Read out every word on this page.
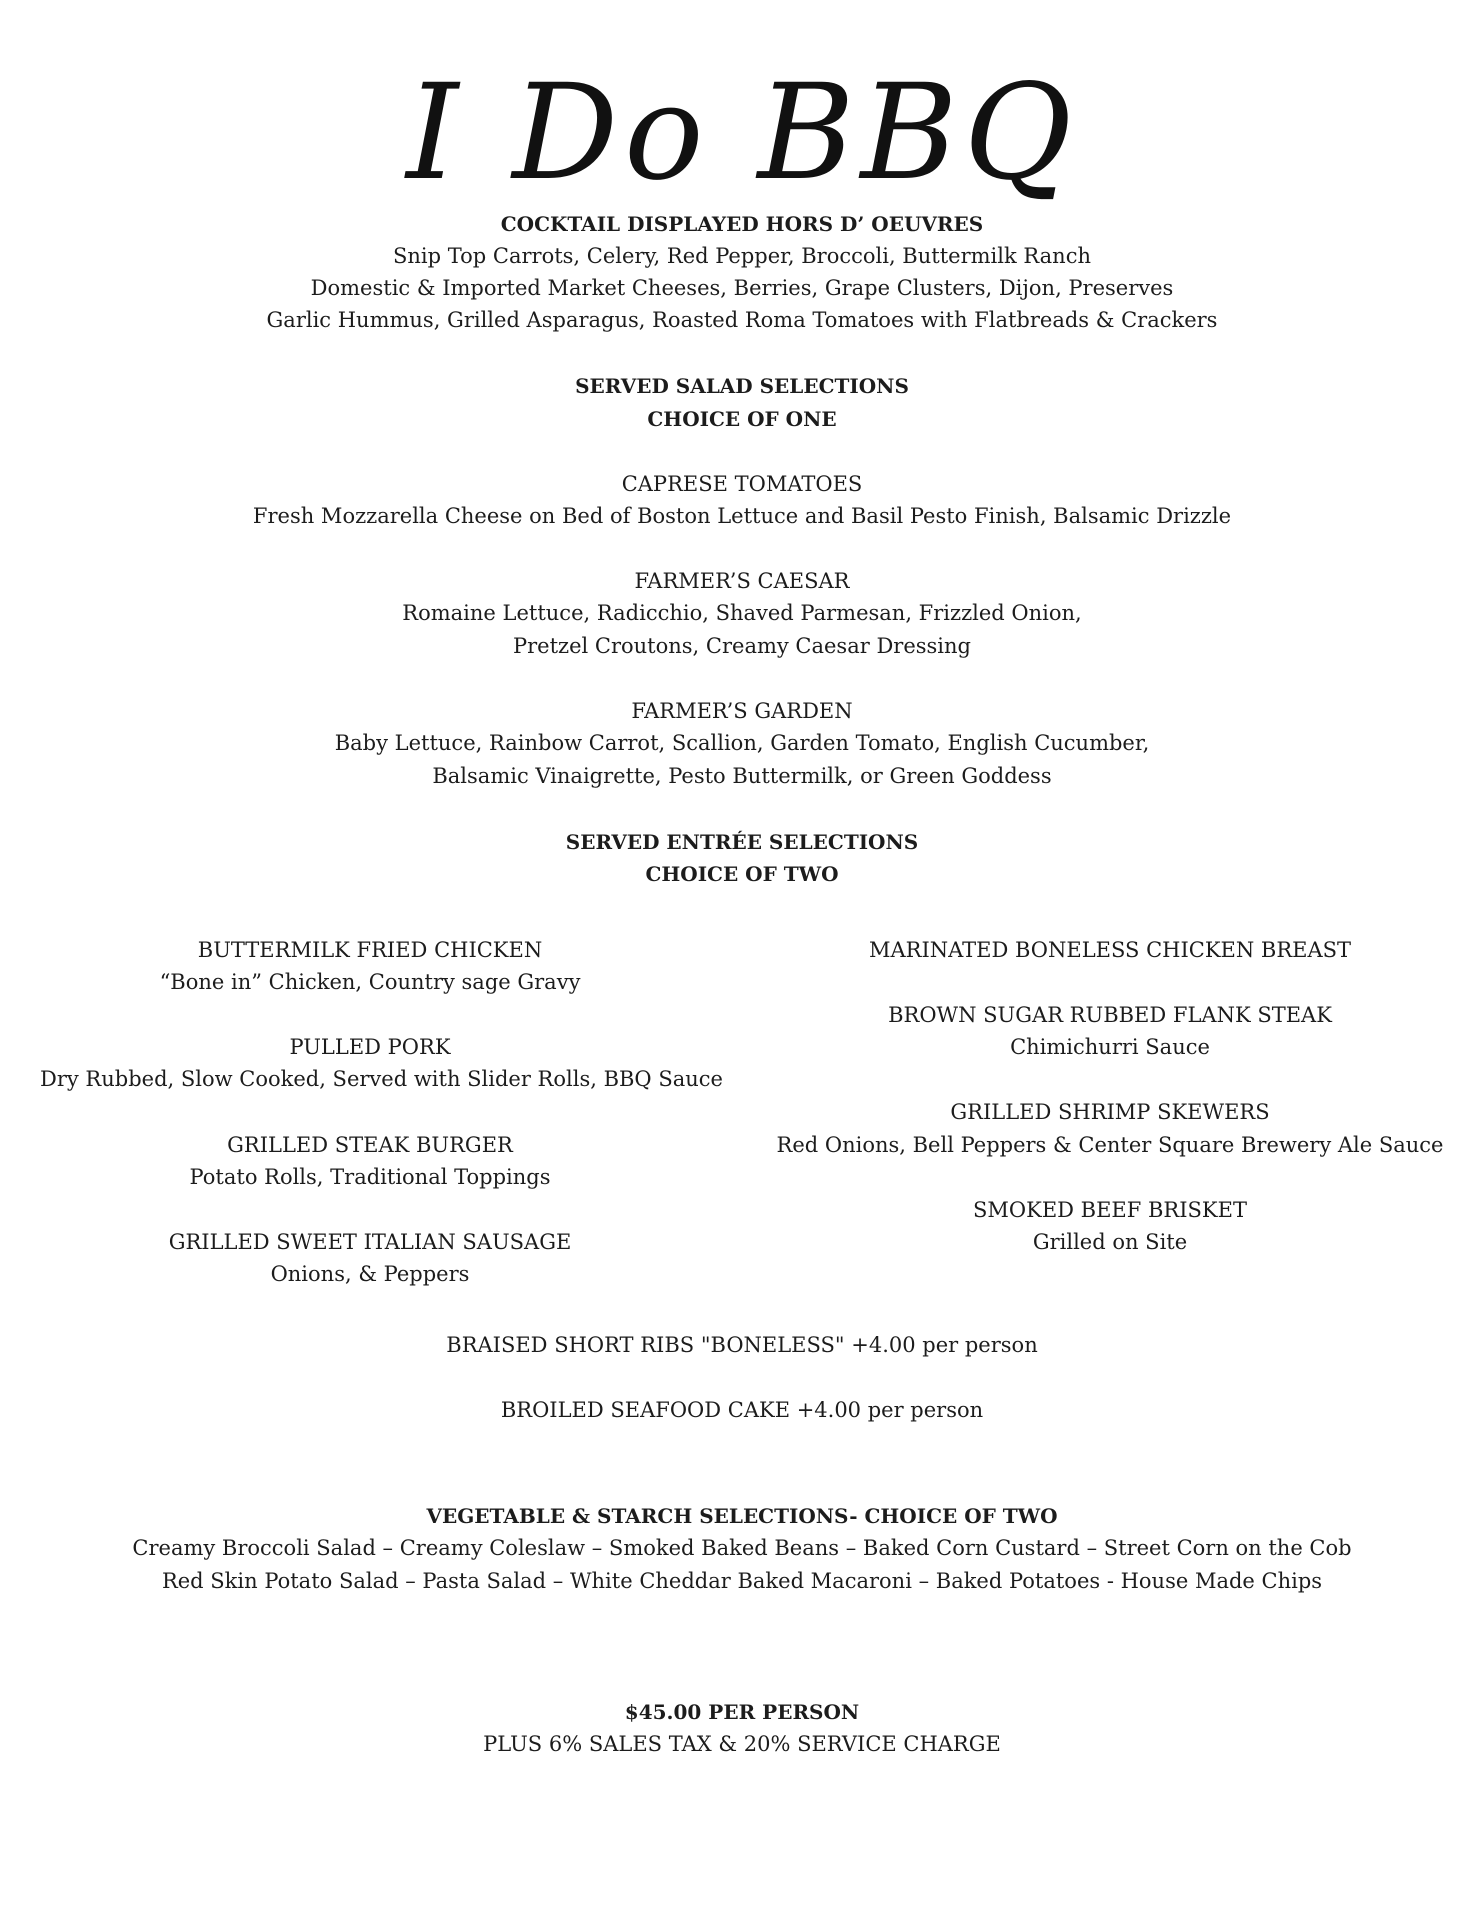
I Do BBQ
COCKTAIL DISPLAYED HORS D’ OEUVRES
Snip Top Carrots, Celery, Red Pepper, Broccoli, Buttermilk Ranch
Domestic & Imported Market Cheeses, Berries, Grape Clusters, Dijon, Preserves
Garlic Hummus, Grilled Asparagus, Roasted Roma Tomatoes with Flatbreads & Crackers
SERVED SALAD SELECTIONS
CHOICE OF ONE
CAPRESE TOMATOES
Fresh Mozzarella Cheese on Bed of Boston Lettuce and Basil Pesto Finish, Balsamic Drizzle
FARMER’S CAESAR
Romaine Lettuce, Radicchio, Shaved Parmesan, Frizzled Onion,
Pretzel Croutons, Creamy Caesar Dressing
FARMER’S GARDEN
Baby Lettuce, Rainbow Carrot, Scallion, Garden Tomato, English Cucumber,
Balsamic Vinaigrette, Pesto Buttermilk, or Green Goddess
SERVED ENTRÉE SELECTIONS
CHOICE OF TWO
BUTTERMILK FRIED CHICKEN
“Bone in” Chicken, Country sage Gravy
PULLED PORK
Dry Rubbed, Slow Cooked, Served with Slider Rolls, BBQ Sauce
GRILLED STEAK BURGER
Potato Rolls, Traditional Toppings
GRILLED SWEET ITALIAN SAUSAGE
Onions, & Peppers
MARINATED BONELESS CHICKEN BREAST
BROWN SUGAR RUBBED FLANK STEAK
Chimichurri Sauce
GRILLED SHRIMP SKEWERS
Red Onions, Bell Peppers & Center Square Brewery Ale Sauce
SMOKED BEEF BRISKET
Grilled on Site
BRAISED SHORT RIBS "BONELESS" +4.00 per person
BROILED SEAFOOD CAKE +4.00 per person
VEGETABLE & STARCH SELECTIONS- CHOICE OF TWO
Creamy Broccoli Salad – Creamy Coleslaw – Smoked Baked Beans – Baked Corn Custard – Street Corn on the Cob
Red Skin Potato Salad – Pasta Salad – White Cheddar Baked Macaroni – Baked Potatoes - House Made Chips
$45.00 PER PERSON
PLUS 6% SALES TAX & 20% SERVICE CHARGE
